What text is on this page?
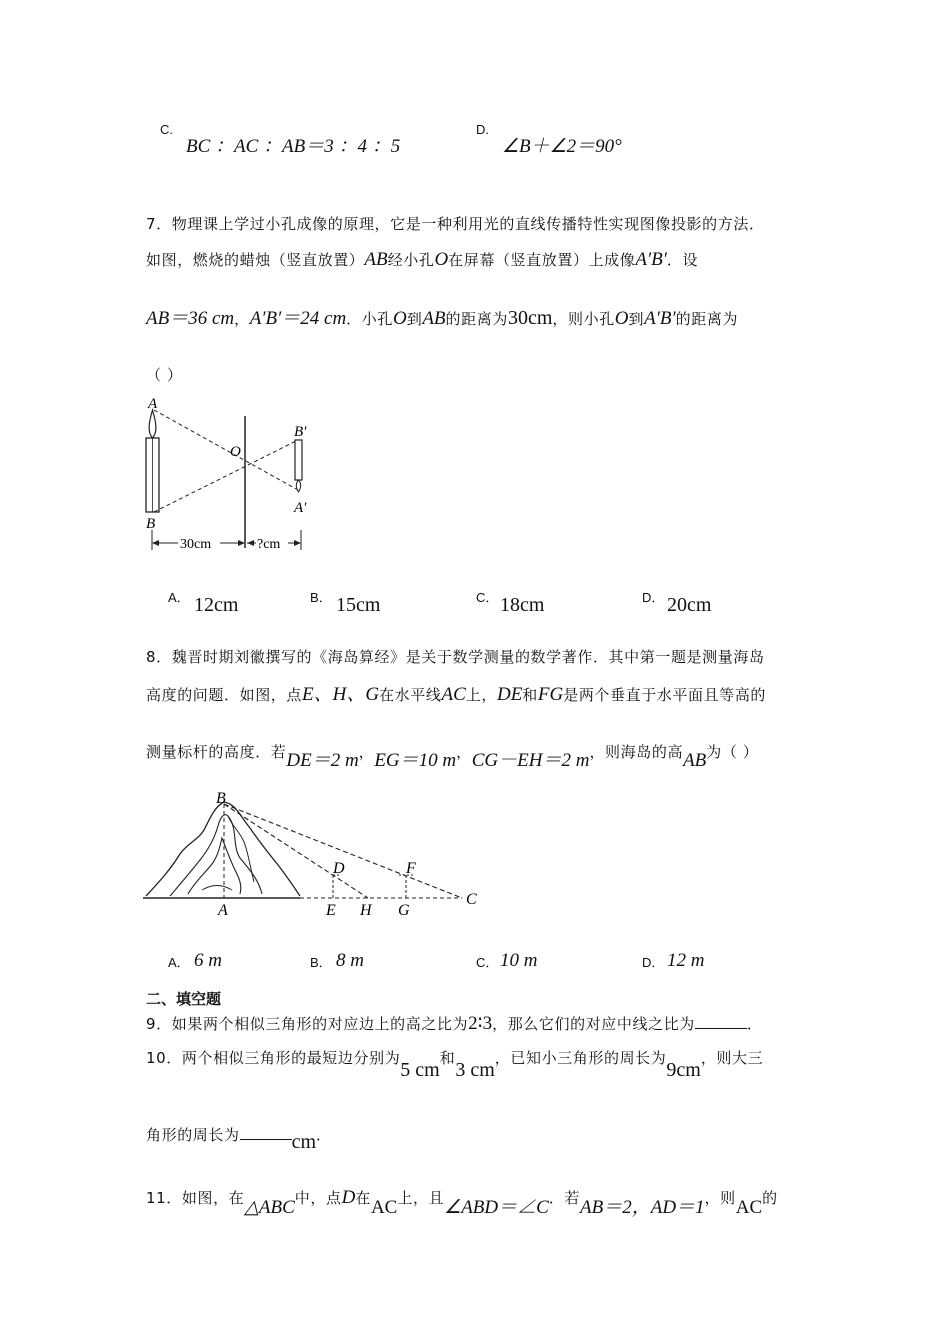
C.
BC ：AC ：AB＝3 ：4 ：5
D.
∠B＋∠2＝90°
7．物理课上学过小孔成像的原理，它是一种利用光的直线传播特性实现图像投影的方法．
如图，燃烧的蜡烛（竖直放置）AB经小孔O在屏幕（竖直放置）上成像A′B′．设
AB＝36 cm，A′B′＝24 cm．小孔O到AB的距离为30cm，则小孔O到A′B′的距离为
（ ）
A
B
O
B′
A′
30cm	?cm
A． 12cm	B． 15cm	C． 18cm	D． 20cm
8．魏晋时期刘徽撰写的《海岛算经》是关于数学测量的数学著作．其中第一题是测量海岛
高度的问题．如图，点E、H、G在水平线AC上，DE和FG是两个垂直于水平面且等高的
测量标杆的高度．若DE＝2 m，EG＝10 m，CG－EH＝2 m，则海岛的高AB为（ ）
B
D	F
A	E H G
C
A． 6 m	B． 8 m	C． 10 m	D． 12 m
二、填空题
9．如果两个相似三角形的对应边上的高之比为2∶3，那么它们的对应中线之比为	．
10．两个相似三角形的最短边分别为5 cm和3 cm，已知小三角形的周长为9cm，则大三
角形的周长为	cm．
11．如图，在△ABC中，点D在AC上，且∠ABD＝∠C．若AB＝2，AD＝1，则AC的
